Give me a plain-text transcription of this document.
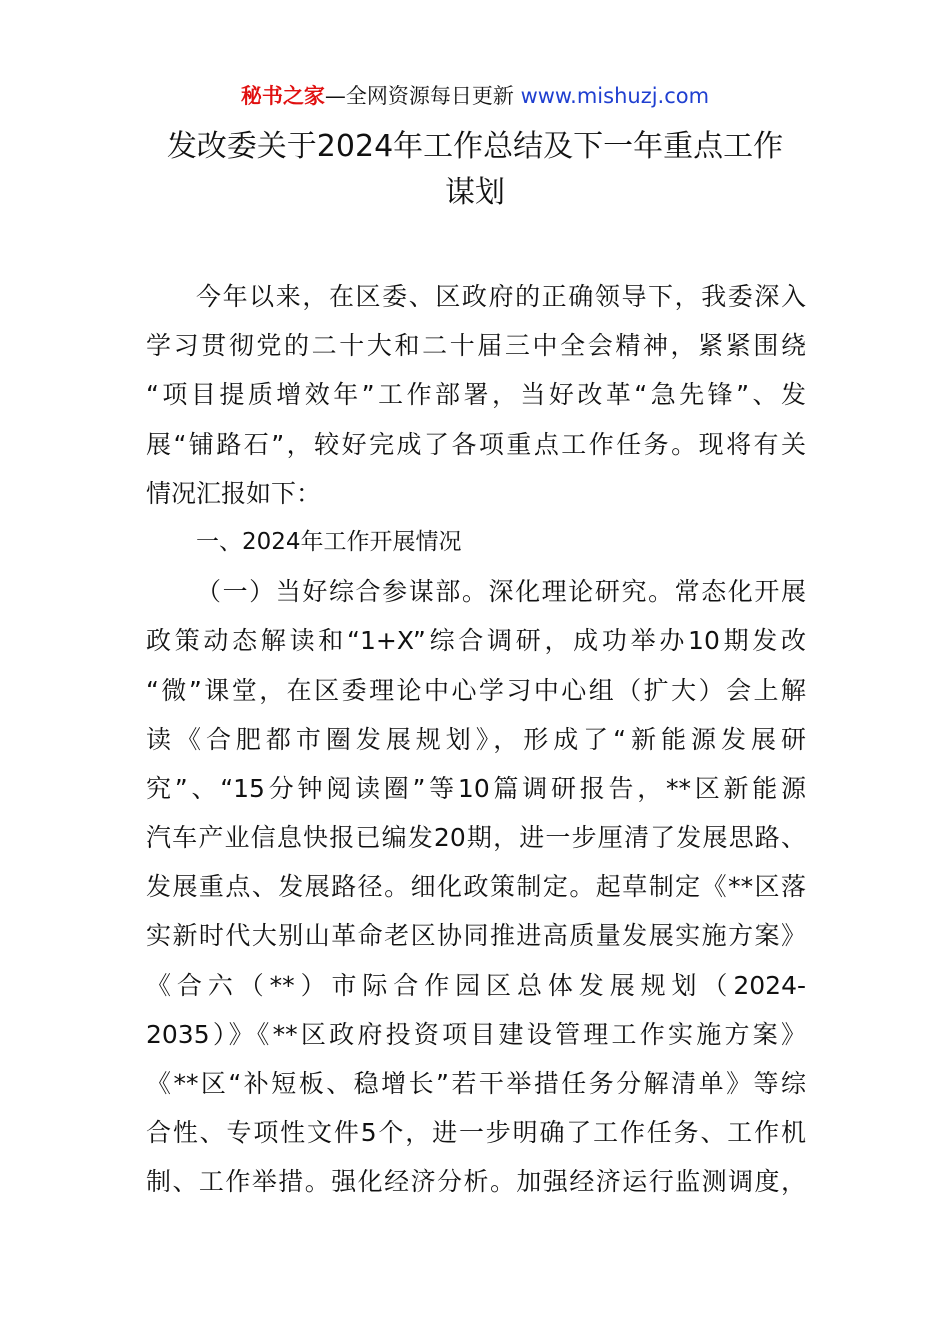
秘书之家—全网资源每日更新 www.mishuzj.com
发改委关于2024年工作总结及下一年重点工作
谋划
今年以来，在区委、区政府的正确领导下，我委深入
学习贯彻党的二十大和二十届三中全会精神，紧紧围绕
“项目提质增效年”工作部署，当好改革“急先锋”、发
展“铺路石”，较好完成了各项重点工作任务。现将有关
情况汇报如下：
一、2024年工作开展情况
（一）当好综合参谋部。深化理论研究。常态化开展
政策动态解读和“1+X”综合调研，成功举办10期发改
“微”课堂，在区委理论中心学习中心组（扩大）会上解
读《合肥都市圈发展规划》，形成了“新能源发展研
究”、“15分钟阅读圈”等10篇调研报告，**区新能源
汽车产业信息快报已编发20期，进一步厘清了发展思路、
发展重点、发展路径。细化政策制定。起草制定《**区落
实新时代大别山革命老区协同推进高质量发展实施方案》
《合六（**）市际合作园区总体发展规划（2024-
2035）》《**区政府投资项目建设管理工作实施方案》
《**区“补短板、稳增长”若干举措任务分解清单》等综
合性、专项性文件5个，进一步明确了工作任务、工作机
制、工作举措。强化经济分析。加强经济运行监测调度，
